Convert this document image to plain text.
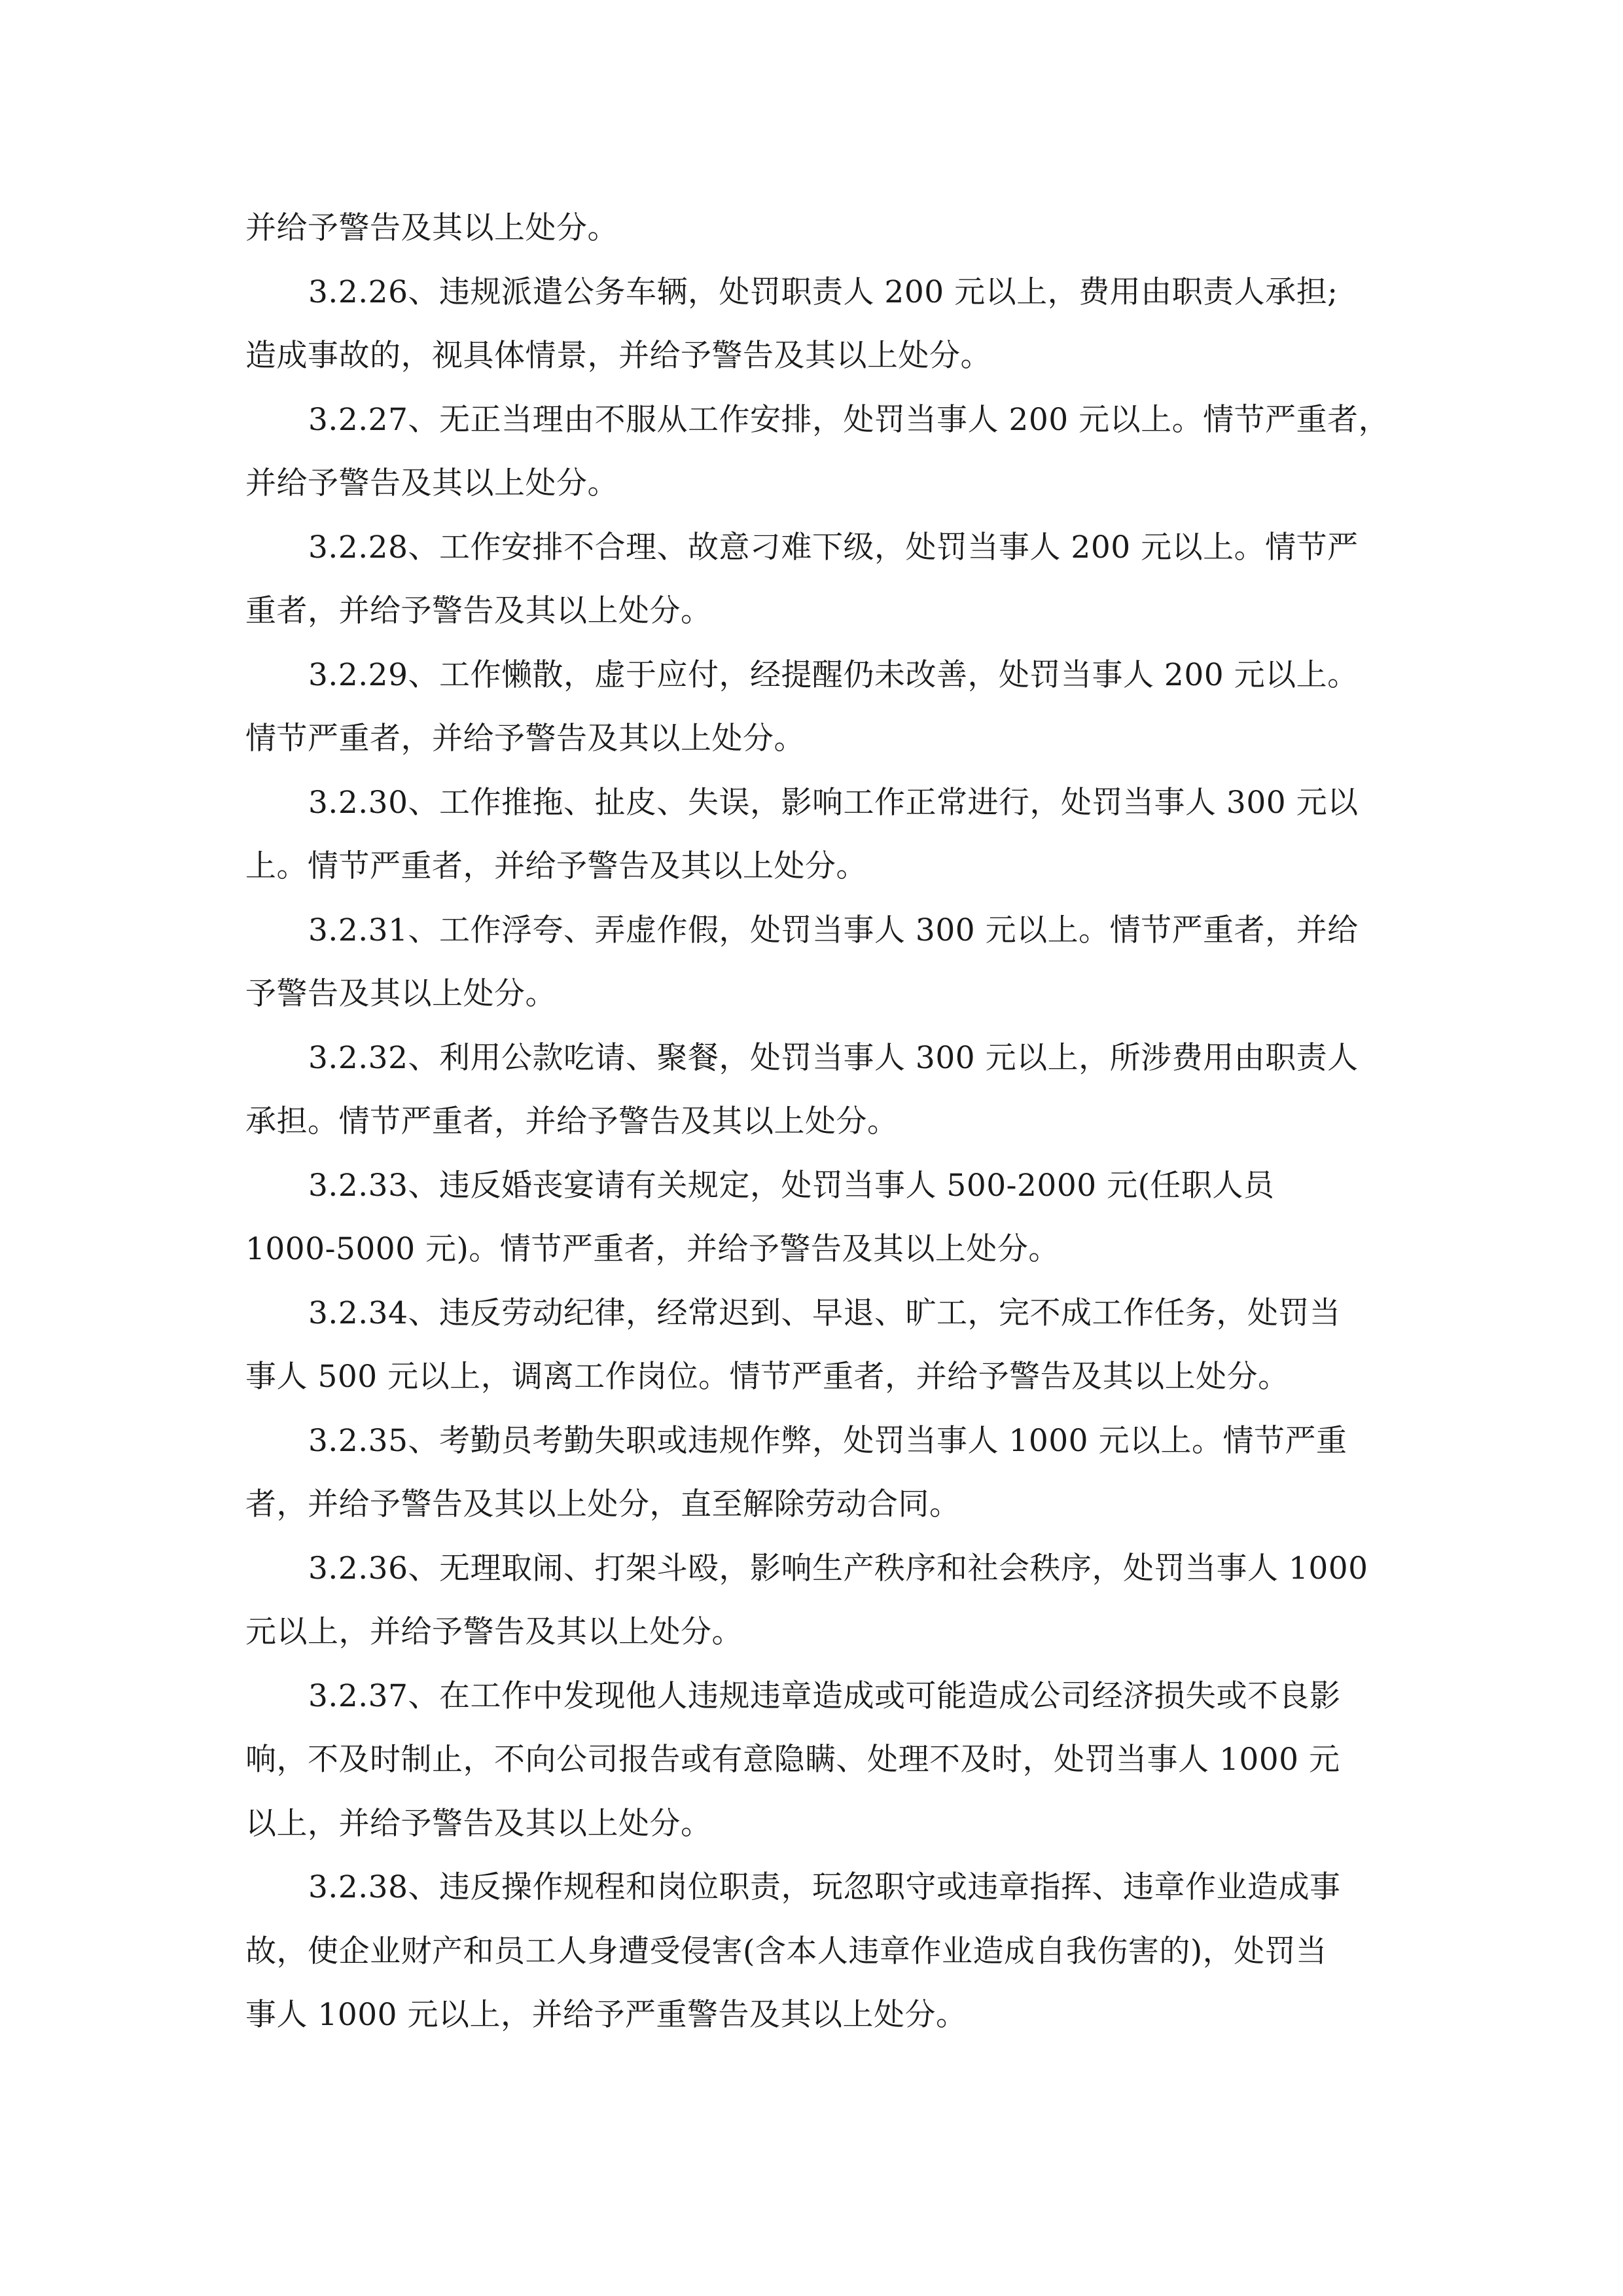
并给予警告及其以上处分。
3.2.26、违规派遣公务车辆，处罚职责人 200 元以上，费用由职责人承担;
造成事故的，视具体情景，并给予警告及其以上处分。
3.2.27、无正当理由不服从工作安排，处罚当事人 200 元以上。情节严重者，
并给予警告及其以上处分。
3.2.28、工作安排不合理、故意刁难下级，处罚当事人 200 元以上。情节严
重者，并给予警告及其以上处分。
3.2.29、工作懒散，虚于应付，经提醒仍未改善，处罚当事人 200 元以上。
情节严重者，并给予警告及其以上处分。
3.2.30、工作推拖、扯皮、失误，影响工作正常进行，处罚当事人 300 元以
上。情节严重者，并给予警告及其以上处分。
3.2.31、工作浮夸、弄虚作假，处罚当事人 300 元以上。情节严重者，并给
予警告及其以上处分。
3.2.32、利用公款吃请、聚餐，处罚当事人 300 元以上，所涉费用由职责人
承担。情节严重者，并给予警告及其以上处分。
3.2.33、违反婚丧宴请有关规定，处罚当事人 500-2000 元(任职人员
1000-5000 元)。情节严重者，并给予警告及其以上处分。
3.2.34、违反劳动纪律，经常迟到、早退、旷工，完不成工作任务，处罚当
事人 500 元以上，调离工作岗位。情节严重者，并给予警告及其以上处分。
3.2.35、考勤员考勤失职或违规作弊，处罚当事人 1000 元以上。情节严重
者，并给予警告及其以上处分，直至解除劳动合同。
3.2.36、无理取闹、打架斗殴，影响生产秩序和社会秩序，处罚当事人 1000
元以上，并给予警告及其以上处分。
3.2.37、在工作中发现他人违规违章造成或可能造成公司经济损失或不良影
响，不及时制止，不向公司报告或有意隐瞒、处理不及时，处罚当事人 1000 元
以上，并给予警告及其以上处分。
3.2.38、违反操作规程和岗位职责，玩忽职守或违章指挥、违章作业造成事
故，使企业财产和员工人身遭受侵害(含本人违章作业造成自我伤害的)，处罚当
事人 1000 元以上，并给予严重警告及其以上处分。
